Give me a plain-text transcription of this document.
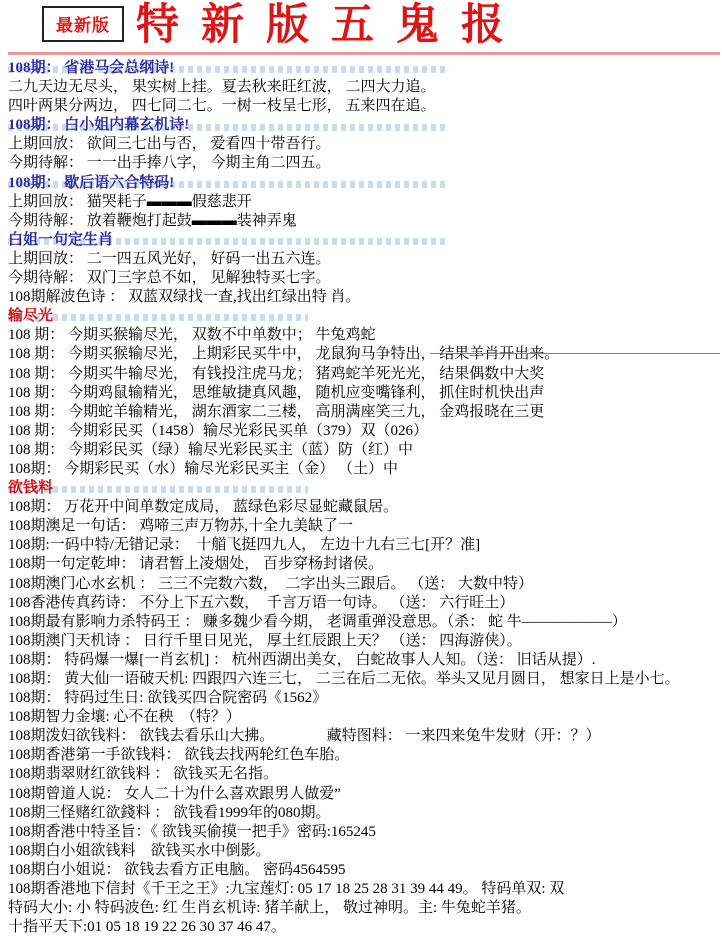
最新版 特新版五鬼报
108期： 省港马会总纲诗!
二九天边无尽头， 果实树上挂。夏去秋来旺红波， 二四大力追。
四叶两果分两边， 四七同二七。一树一枝呈七形， 五来四在追。
108期： 白小姐内幕玄机诗!
上期回放： 欲间三七出与否， 爱看四十带吾行。
今期待解： 一一出手捧八字， 今期主角二四五。
108期： 歇后语六合特码!
上期回放： 猫哭耗子▬▬▬假慈悲开
今期待解： 放着鞭炮打起鼓▬▬▬装神弄鬼
白姐一句定生肖
上期回放： 二一四五风光好， 好码一出五六连。
今期待解： 双门三字总不如， 见解独特买七字。
108期解波色诗 ： 双蓝双绿找一查,找出红绿出特 肖。
输尽光
108 期： 今期买猴输尽光， 双数不中单数中； 牛兔鸡蛇
108 期： 今期买猴输尽光， 上期彩民买牛中， 龙鼠狗马争特出， 结果羊肖开出来。
108 期： 今期买牛输尽光， 有钱投注虎马龙； 猪鸡蛇羊死光光， 结果偶数中大奖
108 期： 今期鸡鼠输精光， 思维敏捷真风趣， 随机应变嘴锋利， 抓住时机快出声
108 期： 今期蛇羊输精光， 湖东酒家二三楼， 高朋满座笑三九， 金鸡报晓在三更
108 期： 今期彩民买（1458）输尽光彩民买单（379）双（026）
108 期： 今期彩民买（绿）输尽光彩民买主（蓝）防（红）中
108期： 今期彩民买（水）输尽光彩民买主（金） （土）中
欲钱料
108期： 万花开中间单数定成局， 蓝绿色彩尽显蛇藏鼠居。
108期澳足一句话： 鸡啼三声万物苏,十全九美缺了一
108期:一码中特/无错记录：  十艏飞挺四九人， 左边十九右三七[开？准]
108期一句定乾坤： 请君暂上凌烟处， 百步穿杨封诸侯。
108期澳门心水玄机 ： 三三不完数六数，  二字出头三跟后。 （送： 大数中特）
108香港传真药诗： 不分上下五六数，  千言万语一句诗。 （送： 六行旺土）
108期最有影响力杀特码王 ： 赚多魏少看今期， 老调重弹没意思。（杀： 蛇 牛——————）
108期澳门天机诗 ： 日行千里日见光， 厚土红辰跟上天？ （送： 四海游侠）。
108期： 特码爆一爆[一肖玄机] ： 杭州西湖出美女， 白蛇故事人人知。（送： 旧话从提）.
108期： 黄大仙一语破天机: 四跟四六连三七， 二三在后二无依。举头又见月圆日， 想家日上是小七。
108期： 特码过生日: 欲钱买四合院密码《1562》
108期智力金壤: 心不在秧　（特？）
108期泼妇欲钱料： 欲钱去看乐山大拂。　　　　藏特图料： 一来四来兔牛发财（开：？）
108期香港第一手欲钱料： 欲钱去找两轮红色车胎。
108期翡翠财红欲钱料 ： 欲钱买无名指。
108期曾道人说： 女人二十为什么喜欢跟男人做爱”
108期三怪赌红欲錢料 ： 欲钱看1999年的080期。
108期香港中特圣旨：《 欲钱买偷摸一把手》密码:165245
108期白小姐欲钱料　欲钱买水中倒影。
108期白小姐说： 欲钱去看方正电脑。 密码4564595
108期香港地下信封《千王之王》:九宝莲灯: 05 17 18 25 28 31 39 44 49。 特码单双: 双
特码大小: 小 特码波色: 红 生肖玄机诗: 猪羊献上， 敬过神明。主: 牛兔蛇羊猪。
十指平天下:01 05 18 19 22 26 30 37 46 47。
